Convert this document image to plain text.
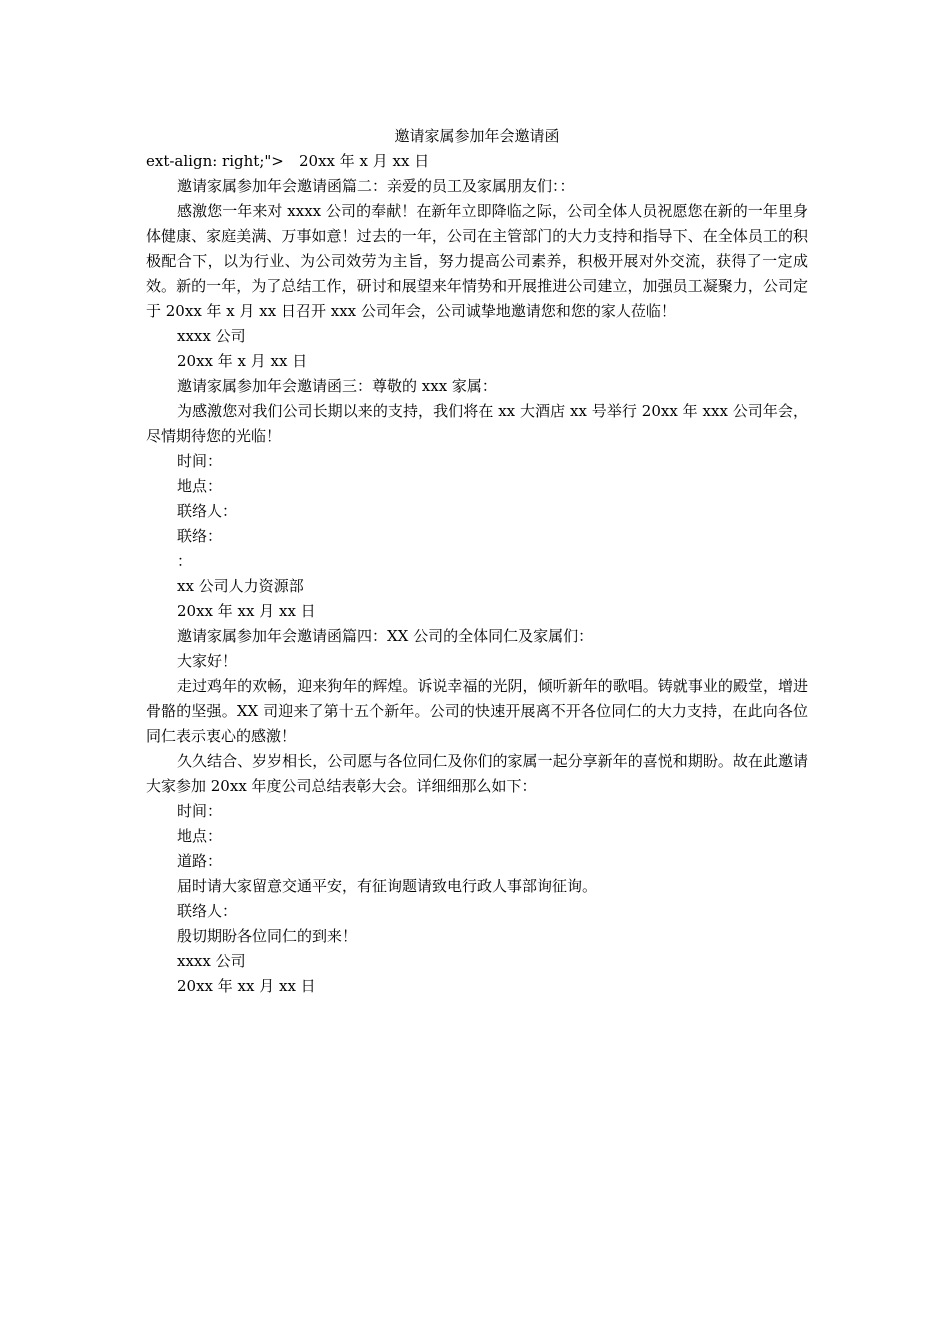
邀请家属参加年会邀请函

ext-align: right;"> 20xx 年 x 月 xx 日

邀请家属参加年会邀请函篇二：亲爱的员工及家属朋友们：：

感激您一年来对 xxxx 公司的奉献！在新年立即降临之际，公司全体人员祝愿您在新的一年里身体健康、家庭美满、万事如意！过去的一年，公司在主管部门的大力支持和指导下、在全体员工的积极配合下，以为行业、为公司效劳为主旨，努力提高公司素养，积极开展对外交流，获得了一定成效。新的一年，为了总结工作，研讨和展望来年情势和开展推进公司建立，加强员工凝聚力，公司定于 20xx 年 x 月 xx 日召开 xxx 公司年会，公司诚挚地邀请您和您的家人莅临！

xxxx 公司

20xx 年 x 月 xx 日

邀请家属参加年会邀请函三：尊敬的 xxx 家属：

为感激您对我们公司长期以来的支持，我们将在 xx 大酒店 xx 号举行 20xx 年 xxx 公司年会，尽情期待您的光临！

时间：

地点：

联络人：

联络：

：

xx 公司人力资源部

20xx 年 xx 月 xx 日

邀请家属参加年会邀请函篇四：XX 公司的全体同仁及家属们：

大家好！

走过鸡年的欢畅，迎来狗年的辉煌。诉说幸福的光阴，倾听新年的歌唱。铸就事业的殿堂，增进骨骼的坚强。XX 司迎来了第十五个新年。公司的快速开展离不开各位同仁的大力支持，在此向各位同仁表示衷心的感激！

久久结合、岁岁相长，公司愿与各位同仁及你们的家属一起分享新年的喜悦和期盼。故在此邀请大家参加 20xx 年度公司总结表彰大会。详细细那么如下：

时间：

地点：

道路：

届时请大家留意交通平安，有征询题请致电行政人事部询征询。

联络人：

殷切期盼各位同仁的到来！

xxxx 公司

20xx 年 xx 月 xx 日
